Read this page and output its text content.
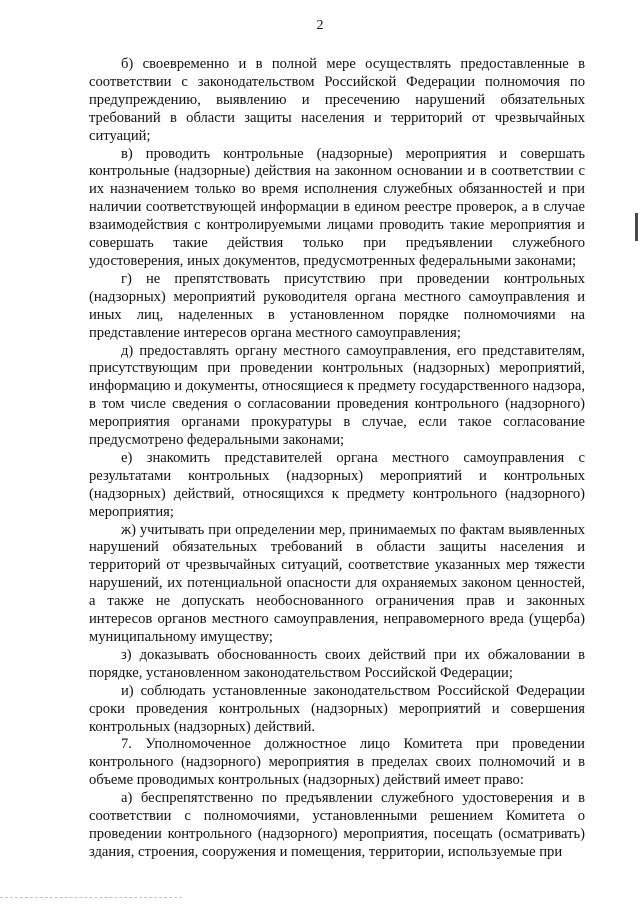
2

б) своевременно и в полной мере осуществлять предоставленные в соответствии с законодательством Российской Федерации полномочия по предупреждению, выявлению и пресечению нарушений обязательных требований в области защиты населения и территорий от чрезвычайных ситуаций;

в) проводить контрольные (надзорные) мероприятия и совершать контрольные (надзорные) действия на законном основании и в соответствии с их назначением только во время исполнения служебных обязанностей и при наличии соответствующей информации в едином реестре проверок, а в случае взаимодействия с контролируемыми лицами проводить такие мероприятия и совершать такие действия только при предъявлении служебного удостоверения, иных документов, предусмотренных федеральными законами;

г) не препятствовать присутствию при проведении контрольных (надзорных) мероприятий руководителя органа местного самоуправления и иных лиц, наделенных в установленном порядке полномочиями на представление интересов органа местного самоуправления;

д) предоставлять органу местного самоуправления, его представителям, присутствующим при проведении контрольных (надзорных) мероприятий, информацию и документы, относящиеся к предмету государственного надзора, в том числе сведения о согласовании проведения контрольного (надзорного) мероприятия органами прокуратуры в случае, если такое согласование предусмотрено федеральными законами;

е) знакомить представителей органа местного самоуправления с результатами контрольных (надзорных) мероприятий и контрольных (надзорных) действий, относящихся к предмету контрольного (надзорного) мероприятия;

ж) учитывать при определении мер, принимаемых по фактам выявленных нарушений обязательных требований в области защиты населения и территорий от чрезвычайных ситуаций, соответствие указанных мер тяжести нарушений, их потенциальной опасности для охраняемых законом ценностей, а также не допускать необоснованного ограничения прав и законных интересов органов местного самоуправления, неправомерного вреда (ущерба) муниципальному имуществу;

з) доказывать обоснованность своих действий при их обжаловании в порядке, установленном законодательством Российской Федерации;

и) соблюдать установленные законодательством Российской Федерации сроки проведения контрольных (надзорных) мероприятий и совершения контрольных (надзорных) действий.

7. Уполномоченное должностное лицо Комитета при проведении контрольного (надзорного) мероприятия в пределах своих полномочий и в объеме проводимых контрольных (надзорных) действий имеет право:

а) беспрепятственно по предъявлении служебного удостоверения и в соответствии с полномочиями, установленными решением Комитета о проведении контрольного (надзорного) мероприятия, посещать (осматривать) здания, строения, сооружения и помещения, территории, используемые при
